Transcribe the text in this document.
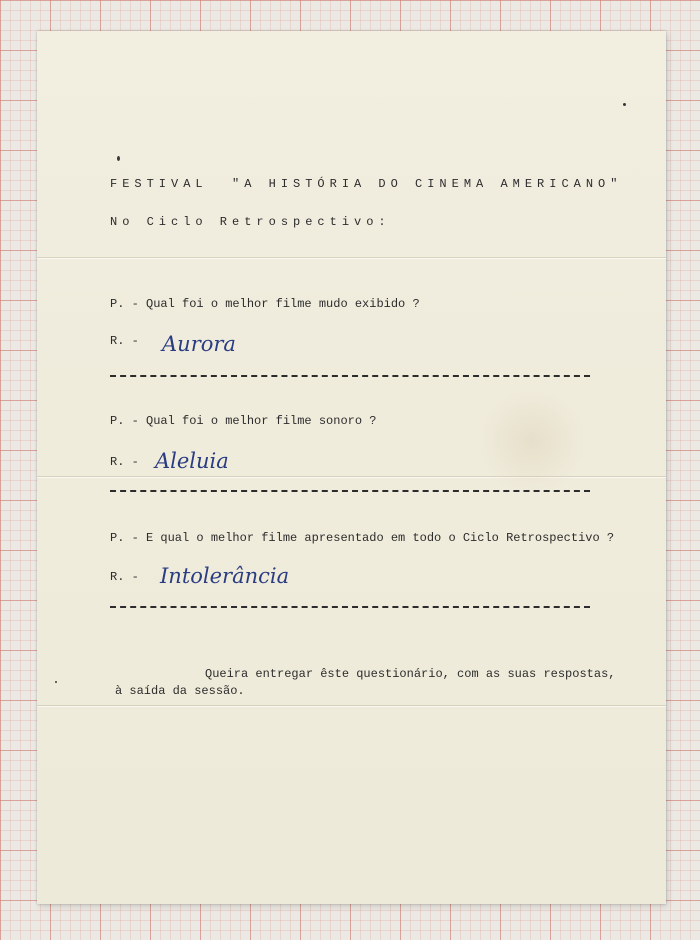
FESTIVAL  "A HISTÓRIA DO CINEMA AMERICANO"

No Ciclo Retrospectivo:

P. - Qual foi o melhor filme mudo exibido ?

R. - Aurora

P. - Qual foi o melhor filme sonoro ?

R. - Aleluia

P. - E qual o melhor filme apresentado em todo o Ciclo Retrospectivo ?

R. - Intolerância

Queira entregar êste questionário, com as suas respostas,

à saída da sessão.
